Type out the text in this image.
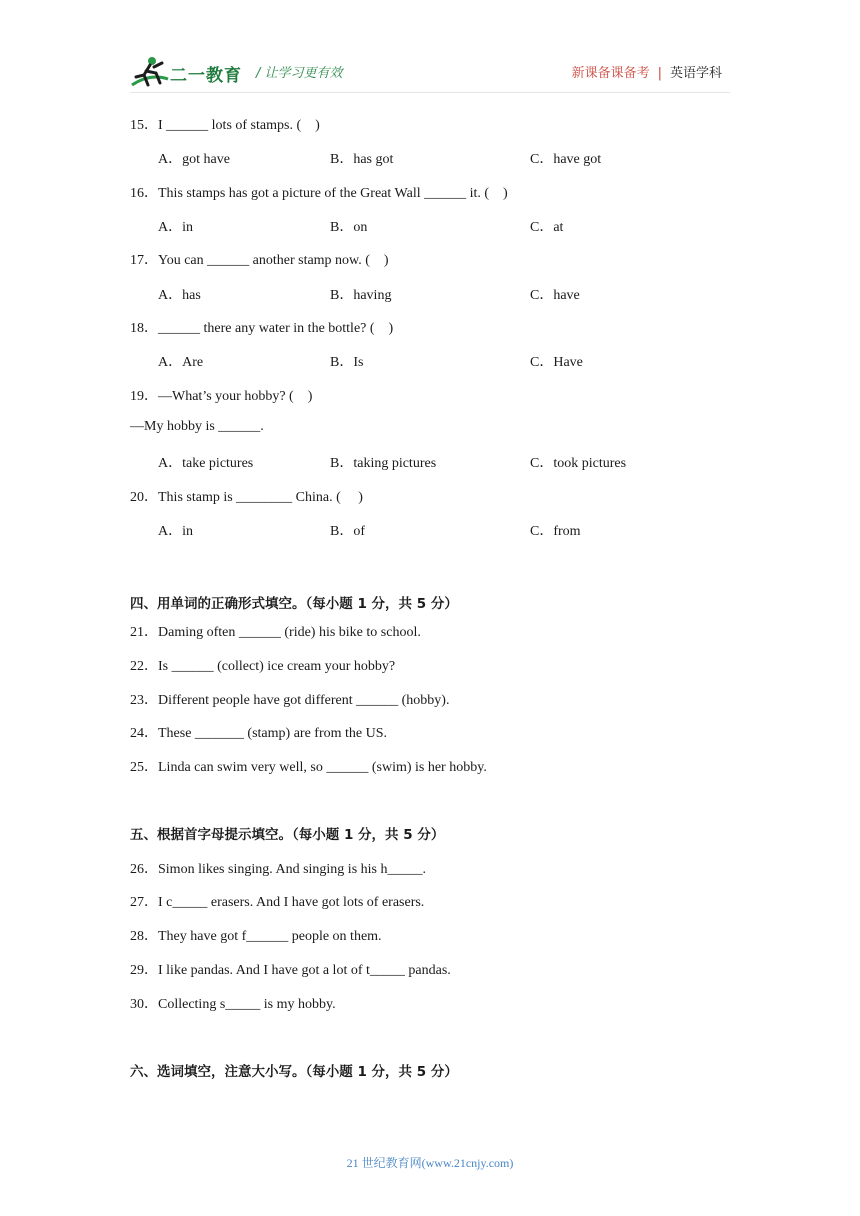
二一教育 / 让学习更有效	新课备课备考 | 英语学科
15．I ______ lots of stamps. (　)
A．got have	B．has got	C．have got
16．This stamps has got a picture of the Great Wall ______ it. (　)
A．in	B．on	C．at
17．You can ______ another stamp now. (　)
A．has	B．having	C．have
18．______ there any water in the bottle? (　)
A．Are	B．Is	C．Have
19．—What’s your hobby? (　)
—My hobby is ______.
A．take pictures	B．taking pictures	C．took pictures
20．This stamp is ________ China. (　 )
A．in	B．of	C．from
四、用单词的正确形式填空。（每小题 1 分，共 5 分）
21．Daming often ______ (ride) his bike to school.
22．Is ______ (collect) ice cream your hobby?
23．Different people have got different ______ (hobby).
24．These _______ (stamp) are from the US.
25．Linda can swim very well, so ______ (swim) is her hobby.
五、根据首字母提示填空。（每小题 1 分，共 5 分）
26．Simon likes singing. And singing is his h_____.
27．I c_____ erasers. And I have got lots of erasers.
28．They have got f______ people on them.
29．I like pandas. And I have got a lot of t_____ pandas.
30．Collecting s_____ is my hobby.
六、选词填空，注意大小写。（每小题 1 分，共 5 分）
21 世纪教育网(www.21cnjy.com)
